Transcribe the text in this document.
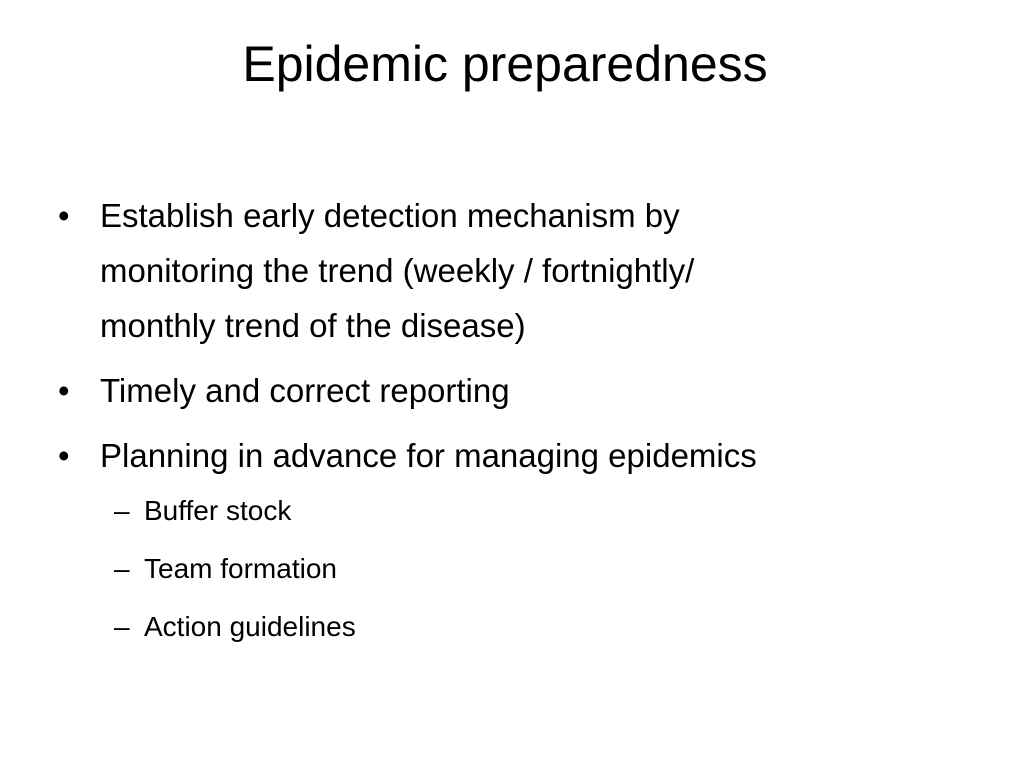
Epidemic preparedness
• Establish early detection mechanism by
monitoring the trend (weekly / fortnightly/
monthly trend of the disease)
• Timely and correct reporting
• Planning in advance for managing epidemics
– Buffer stock
– Team formation
– Action guidelines
